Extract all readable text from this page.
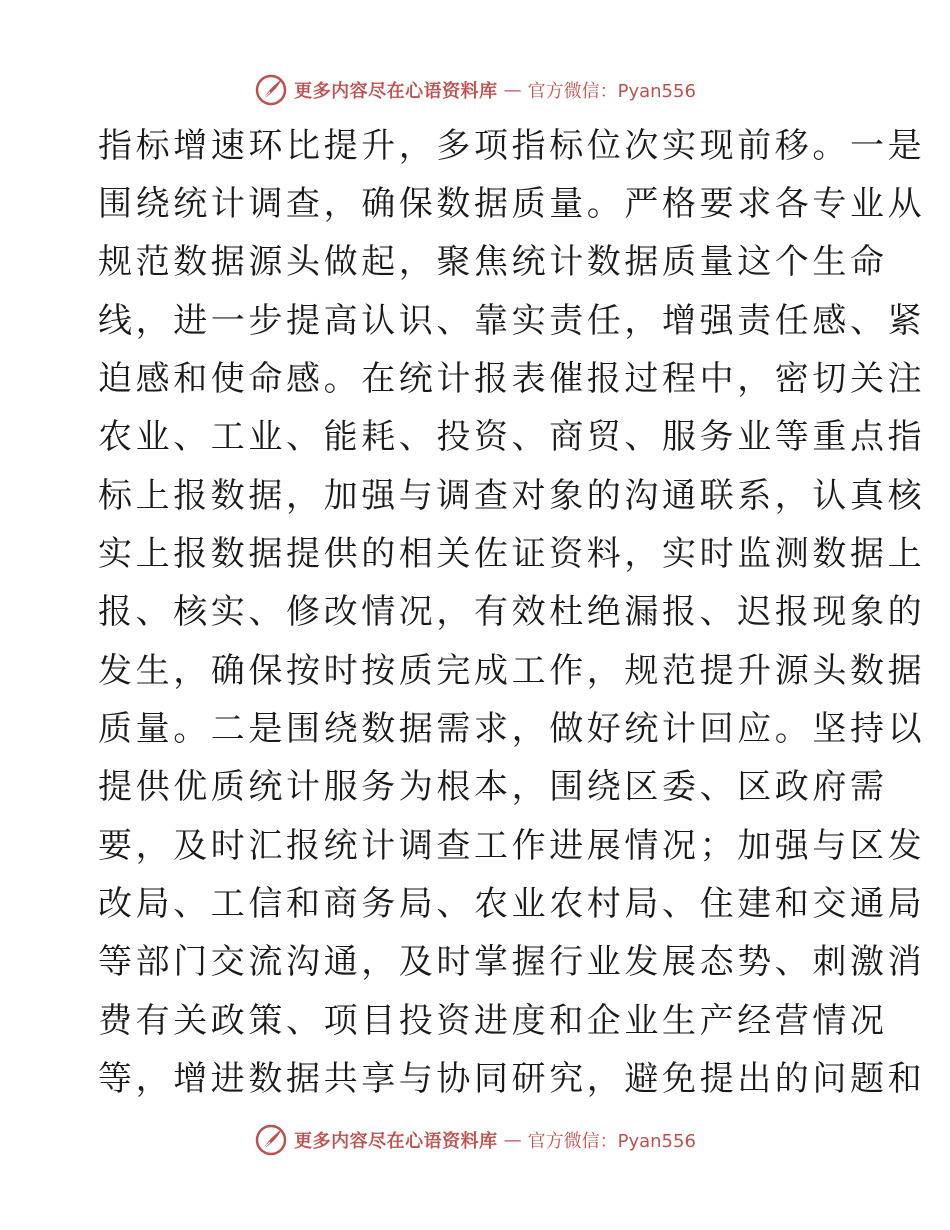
更多内容尽在心语资料库 — 官方微信：Pyan556
指标增速环比提升，多项指标位次实现前移。一是
围绕统计调查，确保数据质量。严格要求各专业从
规范数据源头做起，聚焦统计数据质量这个生命
线，进一步提高认识、靠实责任，增强责任感、紧
迫感和使命感。在统计报表催报过程中，密切关注
农业、工业、能耗、投资、商贸、服务业等重点指
标上报数据，加强与调查对象的沟通联系，认真核
实上报数据提供的相关佐证资料，实时监测数据上
报、核实、修改情况，有效杜绝漏报、迟报现象的
发生，确保按时按质完成工作，规范提升源头数据
质量。二是围绕数据需求，做好统计回应。坚持以
提供优质统计服务为根本，围绕区委、区政府需
要，及时汇报统计调查工作进展情况；加强与区发
改局、工信和商务局、农业农村局、住建和交通局
等部门交流沟通，及时掌握行业发展态势、刺激消
费有关政策、项目投资进度和企业生产经营情况
等，增进数据共享与协同研究，避免提出的问题和
更多内容尽在心语资料库 — 官方微信：Pyan556
